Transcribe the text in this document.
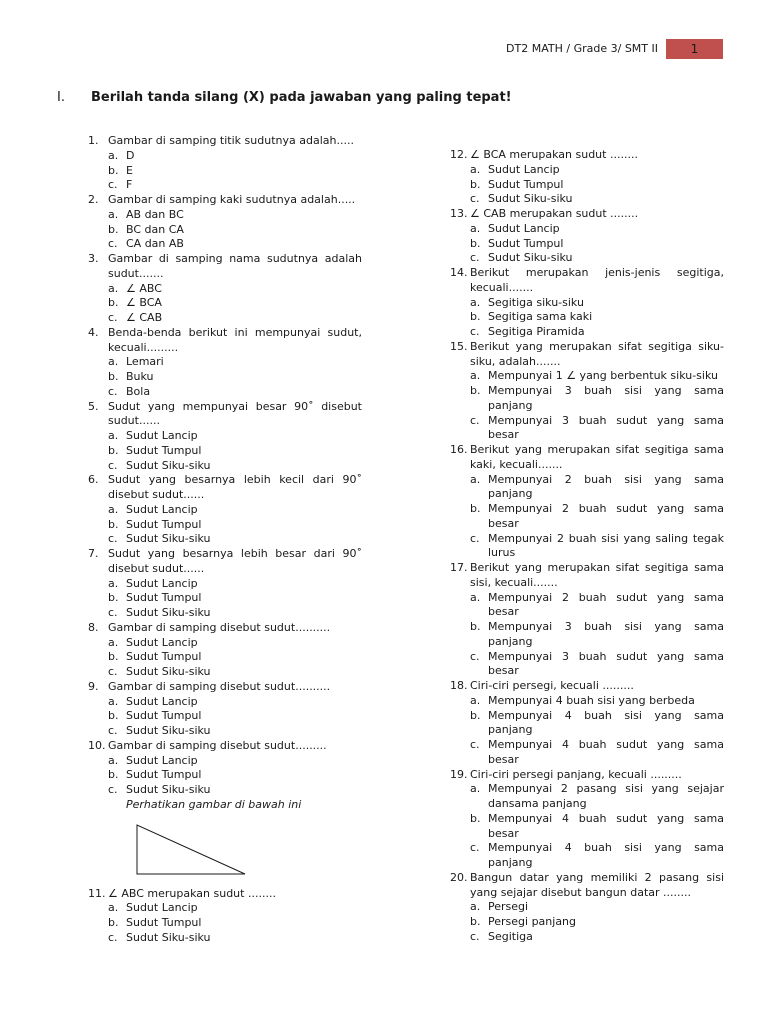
DT2 MATH / Grade 3/ SMT II	1
I. Berilah tanda silang (X) pada jawaban yang paling tepat!
1. Gambar di samping titik sudutnya adalah.....
a. D
b. E
c. F
2. Gambar di samping kaki sudutnya adalah.....
a. AB dan BC
b. BC dan CA
c. CA dan AB
3. Gambar di samping nama sudutnya adalah sudut.......
a. ∠ ABC
b. ∠ BCA
c. ∠ CAB
4. Benda-benda berikut ini mempunyai sudut, kecuali.........
a. Lemari
b. Buku
c. Bola
5. Sudut yang mempunyai besar 90˚ disebut sudut......
a. Sudut Lancip
b. Sudut Tumpul
c. Sudut Siku-siku
6. Sudut yang besarnya lebih kecil dari 90˚ disebut sudut......
a. Sudut Lancip
b. Sudut Tumpul
c. Sudut Siku-siku
7. Sudut yang besarnya lebih besar dari 90˚ disebut sudut......
a. Sudut Lancip
b. Sudut Tumpul
c. Sudut Siku-siku
8. Gambar di samping disebut sudut..........
a. Sudut Lancip
b. Sudut Tumpul
c. Sudut Siku-siku
9. Gambar di samping disebut sudut..........
a. Sudut Lancip
b. Sudut Tumpul
c. Sudut Siku-siku
10. Gambar di samping disebut sudut.........
a. Sudut Lancip
b. Sudut Tumpul
c. Sudut Siku-siku
Perhatikan gambar di bawah ini
11. ∠ ABC merupakan sudut ........
a. Sudut Lancip
b. Sudut Tumpul
c. Sudut Siku-siku
12. ∠ BCA merupakan sudut ........
a. Sudut Lancip
b. Sudut Tumpul
c. Sudut Siku-siku
13. ∠ CAB merupakan sudut ........
a. Sudut Lancip
b. Sudut Tumpul
c. Sudut Siku-siku
14. Berikut merupakan jenis-jenis segitiga, kecuali.......
a. Segitiga siku-siku
b. Segitiga sama kaki
c. Segitiga Piramida
15. Berikut yang merupakan sifat segitiga siku-siku, adalah.......
a. Mempunyai 1 ∠ yang berbentuk siku-siku
b. Mempunyai 3 buah sisi yang sama panjang
c. Mempunyai 3 buah sudut yang sama besar
16. Berikut yang merupakan sifat segitiga sama kaki, kecuali.......
a. Mempunyai 2 buah sisi yang sama panjang
b. Mempunyai 2 buah sudut yang sama besar
c. Mempunyai 2 buah sisi yang saling tegak lurus
17. Berikut yang merupakan sifat segitiga sama sisi, kecuali.......
a. Mempunyai 2 buah sudut yang sama besar
b. Mempunyai 3 buah sisi yang sama panjang
c. Mempunyai 3 buah sudut yang sama besar
18. Ciri-ciri persegi, kecuali .........
a. Mempunyai 4 buah sisi yang berbeda
b. Mempunyai 4 buah sisi yang sama panjang
c. Mempunyai 4 buah sudut yang sama besar
19. Ciri-ciri persegi panjang, kecuali .........
a. Mempunyai 2 pasang sisi yang sejajar dansama panjang
b. Mempunyai 4 buah sudut yang sama besar
c. Mempunyai 4 buah sisi yang sama panjang
20. Bangun datar yang memiliki 2 pasang sisi yang sejajar disebut bangun datar ........
a. Persegi
b. Persegi panjang
c. Segitiga
